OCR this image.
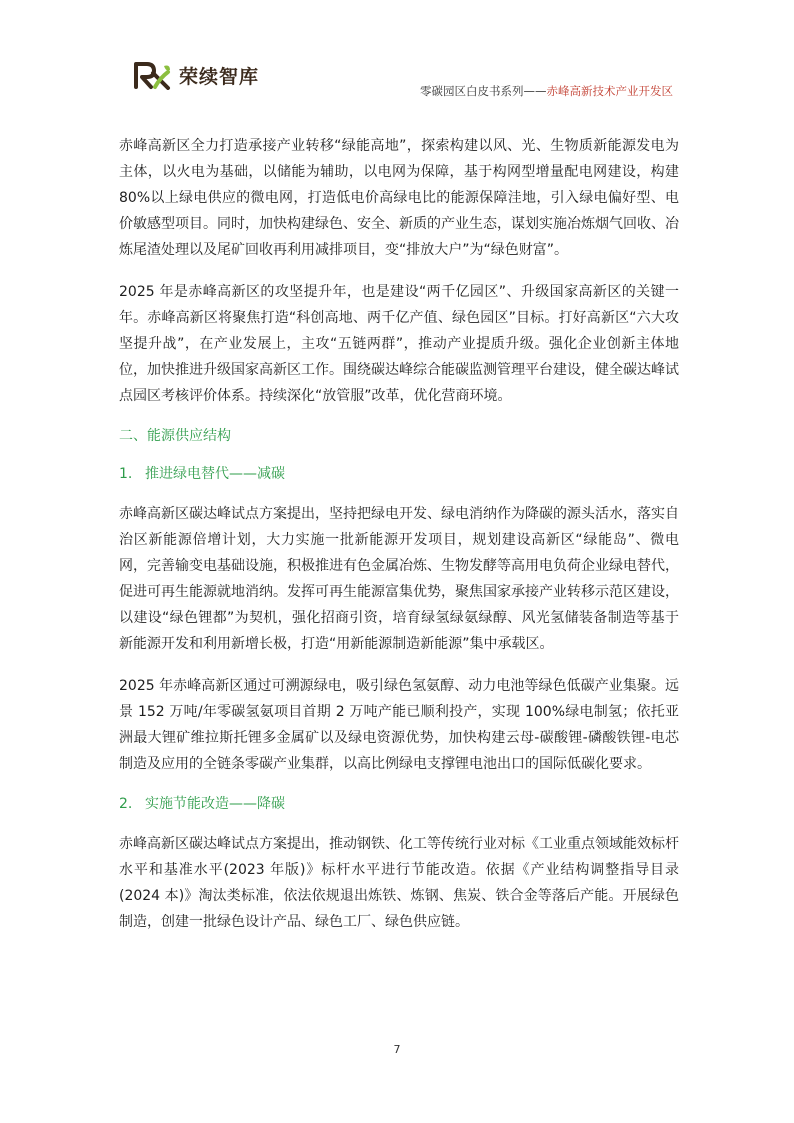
荣续智库
零碳园区白皮书系列——赤峰高新技术产业开发区

赤峰高新区全力打造承接产业转移“绿能高地”，探索构建以风、光、生物质新能源发电为主体，以火电为基础，以储能为辅助，以电网为保障，基于构网型增量配电网建设，构建80%以上绿电供应的微电网，打造低电价高绿电比的能源保障洼地，引入绿电偏好型、电价敏感型项目。同时，加快构建绿色、安全、新质的产业生态，谋划实施冶炼烟气回收、冶炼尾渣处理以及尾矿回收再利用减排项目，变“排放大户”为“绿色财富”。

2025 年是赤峰高新区的攻坚提升年，也是建设“两千亿园区”、升级国家高新区的关键一年。赤峰高新区将聚焦打造“科创高地、两千亿产值、绿色园区”目标。打好高新区“六大攻坚提升战”，在产业发展上，主攻“五链两群”，推动产业提质升级。强化企业创新主体地位，加快推进升级国家高新区工作。围绕碳达峰综合能碳监测管理平台建设，健全碳达峰试点园区考核评价体系。持续深化“放管服”改革，优化营商环境。

二、能源供应结构
1. 推进绿电替代——减碳

赤峰高新区碳达峰试点方案提出，坚持把绿电开发、绿电消纳作为降碳的源头活水，落实自治区新能源倍增计划，大力实施一批新能源开发项目，规划建设高新区“绿能岛”、微电网，完善输变电基础设施，积极推进有色金属冶炼、生物发酵等高用电负荷企业绿电替代，促进可再生能源就地消纳。发挥可再生能源富集优势，聚焦国家承接产业转移示范区建设，以建设“绿色锂都”为契机，强化招商引资，培育绿氢绿氨绿醇、风光氢储装备制造等基于新能源开发和利用新增长极，打造“用新能源制造新能源”集中承载区。

2025 年赤峰高新区通过可溯源绿电，吸引绿色氢氨醇、动力电池等绿色低碳产业集聚。远景 152 万吨/年零碳氢氨项目首期 2 万吨产能已顺利投产，实现 100%绿电制氢；依托亚洲最大锂矿维拉斯托锂多金属矿以及绿电资源优势，加快构建云母-碳酸锂-磷酸铁锂-电芯制造及应用的全链条零碳产业集群，以高比例绿电支撑锂电池出口的国际低碳化要求。

2. 实施节能改造——降碳

赤峰高新区碳达峰试点方案提出，推动钢铁、化工等传统行业对标《工业重点领域能效标杆水平和基准水平(2023 年版)》标杆水平进行节能改造。依据《产业结构调整指导目录(2024 本)》淘汰类标准，依法依规退出炼铁、炼钢、焦炭、铁合金等落后产能。开展绿色制造，创建一批绿色设计产品、绿色工厂、绿色供应链。

7
